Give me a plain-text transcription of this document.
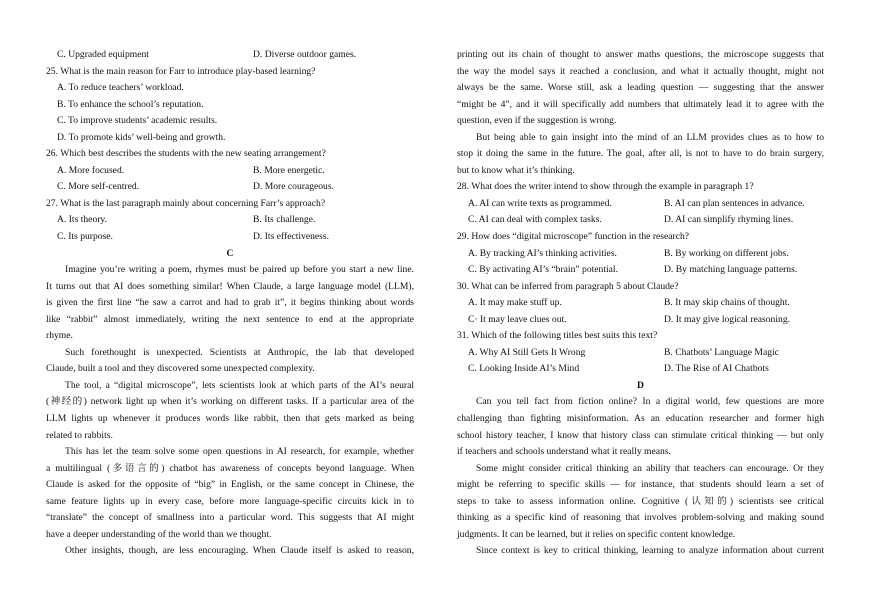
C. Upgraded equipment	D. Diverse outdoor games.
25. What is the main reason for Farr to introduce play-based learning?
A. To reduce teachers’ workload.
B. To enhance the school’s reputation.
C. To improve students’ academic results.
D. To promote kids’ well-being and growth.
26. Which best describes the students with the new seating arrangement?
A. More focused.	B. More energetic.
C. More self-centred.	D. More courageous.
27. What is the last paragraph mainly about concerning Farr’s approach?
A. Its theory.	B. Its challenge.
C. Its purpose.	D. Its effectiveness.
C
Imagine you’re writing a poem, rhymes must be paired up before you start a new line.
It turns out that AI does something similar! When Claude, a large language model (LLM),
is given the first line “he saw a carrot and had to grab it”, it begins thinking about words
like “rabbit” almost immediately, writing the next sentence to end at the appropriate
rhyme.
Such forethought is unexpected. Scientists at Anthropic, the lab that developed
Claude, built a tool and they discovered some unexpected complexity.
The tool, a “digital microscope”, lets scientists look at which parts of the AI’s neural
(神经的) network light up when it’s working on different tasks. If a particular area of the
LLM lights up whenever it produces words like rabbit, then that gets marked as being
related to rabbits.
This has let the team solve some open questions in AI research, for example, whether
a multilingual (多语言的) chatbot has awareness of concepts beyond language. When
Claude is asked for the opposite of “big” in English, or the same concept in Chinese, the
same feature lights up in every case, before more language-specific circuits kick in to
“translate” the concept of smallness into a particular word. This suggests that AI might
have a deeper understanding of the world than we thought.
Other insights, though, are less encouraging. When Claude itself is asked to reason,
printing out its chain of thought to answer maths questions, the microscope suggests that
the way the model says it reached a conclusion, and what it actually thought, might not
always be the same. Worse still, ask a leading question — suggesting that the answer
“might be 4”, and it will specifically add numbers that ultimately lead it to agree with the
question, even if the suggestion is wrong.
But being able to gain insight into the mind of an LLM provides clues as to how to
stop it doing the same in the future. The goal, after all, is not to have to do brain surgery,
but to know what it’s thinking.
28. What does the writer intend to show through the example in paragraph 1?
A. AI can write texts as programmed.	B. AI can plan sentences in advance.
C. AI can deal with complex tasks.	D. AI can simplify rhyming lines.
29. How does “digital microscope” function in the research?
A. By tracking AI’s thinking activities.	B. By working on different jobs.
C. By activating AI’s “brain” potential.	D. By matching language patterns.
30. What can be inferred from paragraph 5 about Claude?
A. It may make stuff up.	B. It may skip chains of thought.
C· It may leave clues out.	D. It may give logical reasoning.
31. Which of the following titles best suits this text?
A. Why AI Still Gets It Wrong	B. Chatbots’ Language Magic
C. Looking Inside AI’s Mind	D. The Rise of AI Chatbots
D
Can you tell fact from fiction online? In a digital world, few questions are more
challenging than fighting misinformation. As an education researcher and former high
school history teacher, I know that history class can stimulate critical thinking — but only
if teachers and schools understand what it really means.
Some might consider critical thinking an ability that teachers can encourage. Or they
might be referring to specific skills — for instance, that students should learn a set of
steps to take to assess information online. Cognitive (认知的) scientists see critical
thinking as a specific kind of reasoning that involves problem-solving and making sound
judgments. It can be learned, but it relies on specific content knowledge.
Since context is key to critical thinking, learning to analyze information about current
